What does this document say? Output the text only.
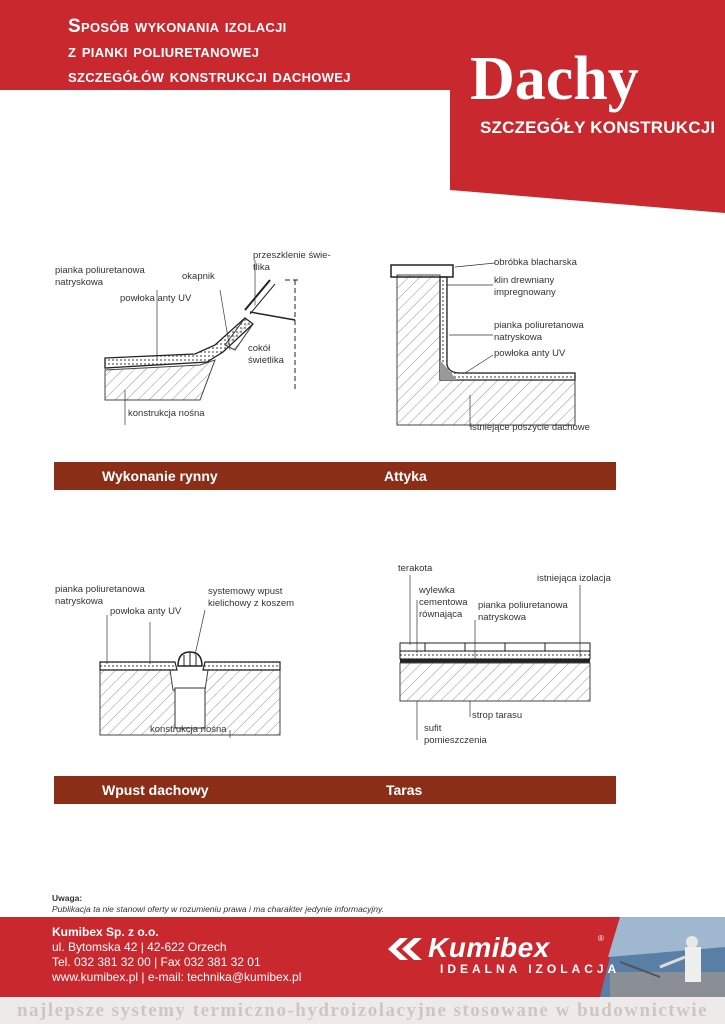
Sposób wykonania izolacji
z pianki poliuretanowej
szczegółów konstrukcji dachowej Dachy
SZCZEGÓŁY KONSTRUKCJI
pianka poliuretanowa
natryskowa
okapnik
przeszklenie świe-
tlika
powłoka anty UV
cokół
świetlika
konstrukcja nośna
obróbka blacharska
klin drewniany
impregnowany
pianka poliuretanowa
natryskowa
powłoka anty UV
istniejące poszycie dachowe
Wykonanie rynny	Attyka
pianka poliuretanowa
natryskowa
systemowy wpust
kielichowy z koszem
powłoka anty UV
konstrukcja nośna
terakota
istniejąca izolacja
wylewka
cementowa
równająca
pianka poliuretanowa
natryskowa
strop tarasu
sufit
pomieszczenia
Wpust dachowy	Taras
Uwaga:
Publikacja ta nie stanowi oferty w rozumieniu prawa i ma charakter jedynie informacyjny.
Kumibex Sp. z o.o.
ul. Bytomska 42 | 42-622 Orzech
Tel. 032 381 32 00 | Fax 032 381 32 01
www.kumibex.pl | e-mail: technika@kumibex.pl
Kumibex	®
IDEALNA IZOLACJA
najlepsze systemy termiczno-hydroizolacyjne stosowane w budownictwie
